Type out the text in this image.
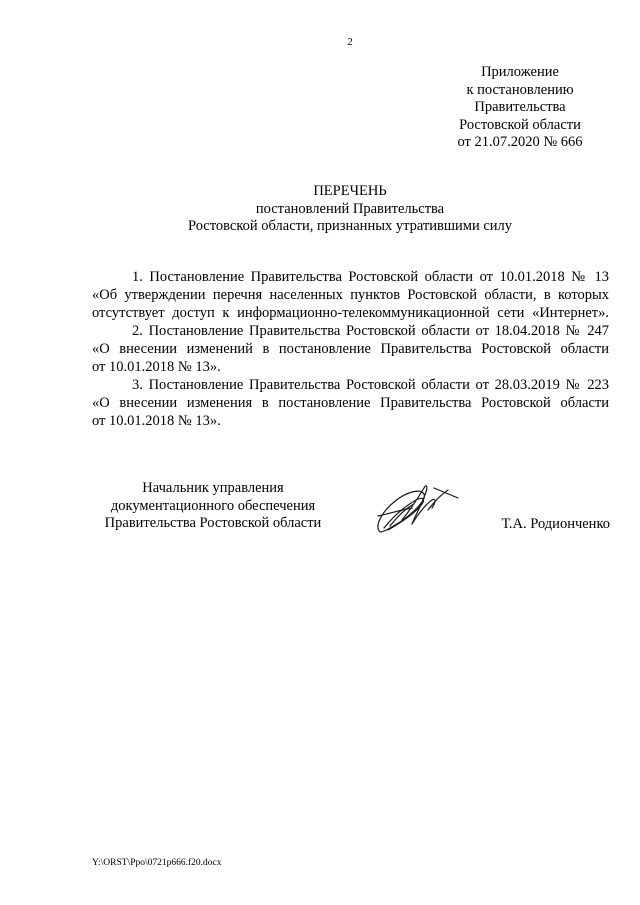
2
Приложение
к постановлению
Правительства
Ростовской области
от 21.07.2020 № 666
ПЕРЕЧЕНЬ
постановлений Правительства
Ростовской области, признанных утратившими силу
1. Постановление Правительства Ростовской области от 10.01.2018 № 13
«Об утверждении перечня населенных пунктов Ростовской области, в которых
отсутствует доступ к информационно-телекоммуникационной сети «Интернет».
2. Постановление Правительства Ростовской области от 18.04.2018 № 247
«О внесении изменений в постановление Правительства Ростовской области
от 10.01.2018 № 13».
3. Постановление Правительства Ростовской области от 28.03.2019 № 223
«О внесении изменения в постановление Правительства Ростовской области
от 10.01.2018 № 13».
Начальник управления
документационного обеспечения
Правительства Ростовской области	Т.А. Родионченко
Y:\ORST\Ppo\0721p666.f20.docx
